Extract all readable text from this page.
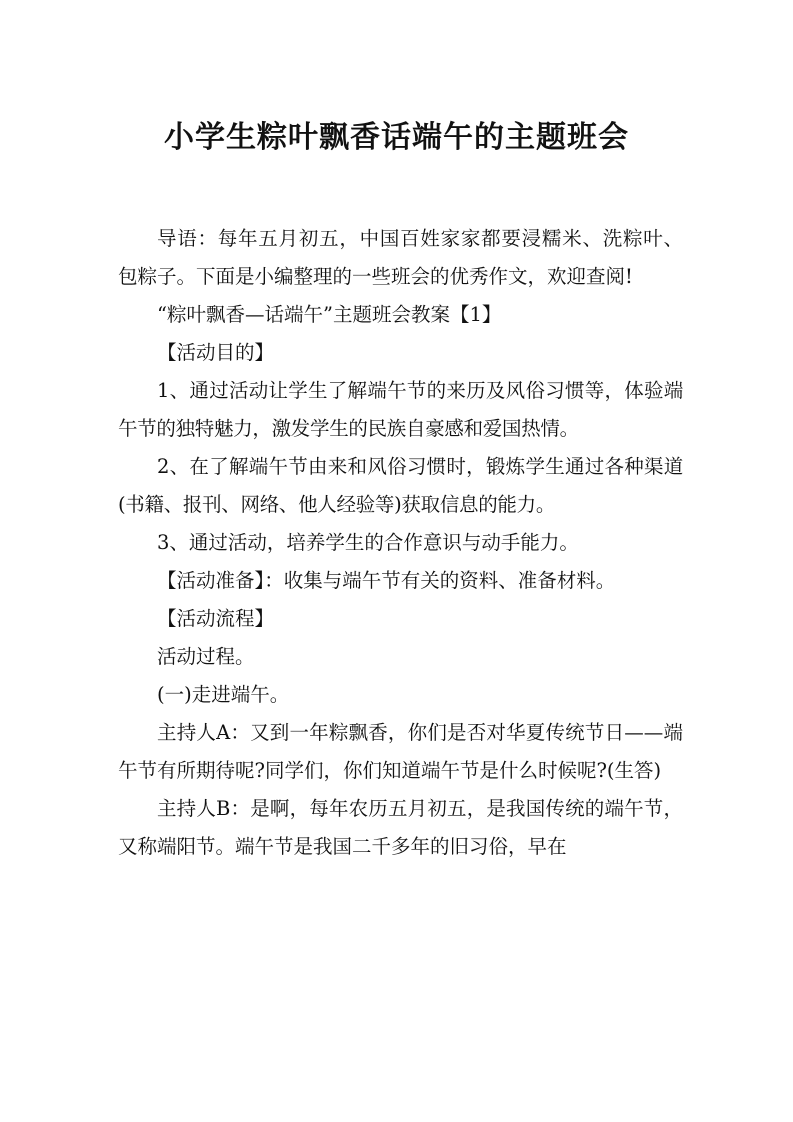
小学生粽叶飘香话端午的主题班会

导语：每年五月初五，中国百姓家家都要浸糯米、洗粽叶、包粽子。下面是小编整理的一些班会的优秀作文，欢迎查阅!

“粽叶飘香—话端午”主题班会教案【1】

【活动目的】

1、通过活动让学生了解端午节的来历及风俗习惯等，体验端午节的独特魅力，激发学生的民族自豪感和爱国热情。

2、在了解端午节由来和风俗习惯时，锻炼学生通过各种渠道(书籍、报刊、网络、他人经验等)获取信息的能力。

3、通过活动，培养学生的合作意识与动手能力。

【活动准备】：收集与端午节有关的资料、准备材料。

【活动流程】

活动过程。

(一)走进端午。

主持人A：又到一年粽飘香，你们是否对华夏传统节日——端午节有所期待呢?同学们，你们知道端午节是什么时候呢?(生答)

主持人B：是啊，每年农历五月初五，是我国传统的端午节，又称端阳节。端午节是我国二千多年的旧习俗，早在
